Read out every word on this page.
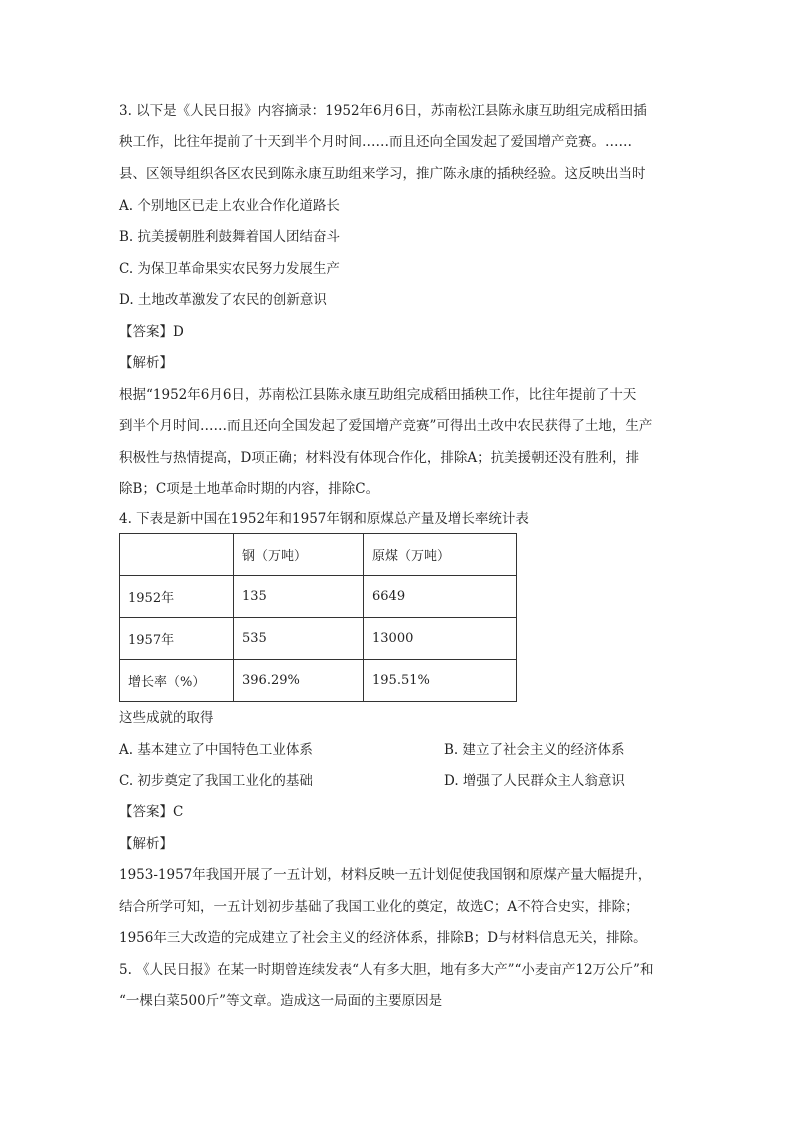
3. 以下是《人民日报》内容摘录：1952年6月6日，苏南松江县陈永康互助组完成稻田插
秧工作，比往年提前了十天到半个月时间……而且还向全国发起了爱国增产竞赛。……
县、区领导组织各区农民到陈永康互助组来学习，推广陈永康的插秧经验。这反映出当时
A. 个别地区已走上农业合作化道路长
B. 抗美援朝胜利鼓舞着国人团结奋斗
C. 为保卫革命果实农民努力发展生产
D. 土地改革激发了农民的创新意识
【答案】D
【解析】
根据“1952年6月6日，苏南松江县陈永康互助组完成稻田插秧工作，比往年提前了十天
到半个月时间……而且还向全国发起了爱国增产竞赛”可得出土改中农民获得了土地，生产
积极性与热情提高，D项正确；材料没有体现合作化，排除A；抗美援朝还没有胜利，排
除B；C项是土地革命时期的内容，排除C。
4. 下表是新中国在1952年和1957年钢和原煤总产量及增长率统计表
	钢（万吨）	原煤（万吨）
1952年	135	6649
1957年	535	13000
增长率（%）	396.29%	195.51%
这些成就的取得
A. 基本建立了中国特色工业体系	B. 建立了社会主义的经济体系
C. 初步奠定了我国工业化的基础	D. 增强了人民群众主人翁意识
【答案】C
【解析】
1953-1957年我国开展了一五计划，材料反映一五计划促使我国钢和原煤产量大幅提升，
结合所学可知，一五计划初步基础了我国工业化的奠定，故选C；A不符合史实，排除；
1956年三大改造的完成建立了社会主义的经济体系，排除B；D与材料信息无关，排除。
5. 《人民日报》在某一时期曾连续发表“人有多大胆，地有多大产”“小麦亩产12万公斤”和
“一棵白菜500斤”等文章。造成这一局面的主要原因是
